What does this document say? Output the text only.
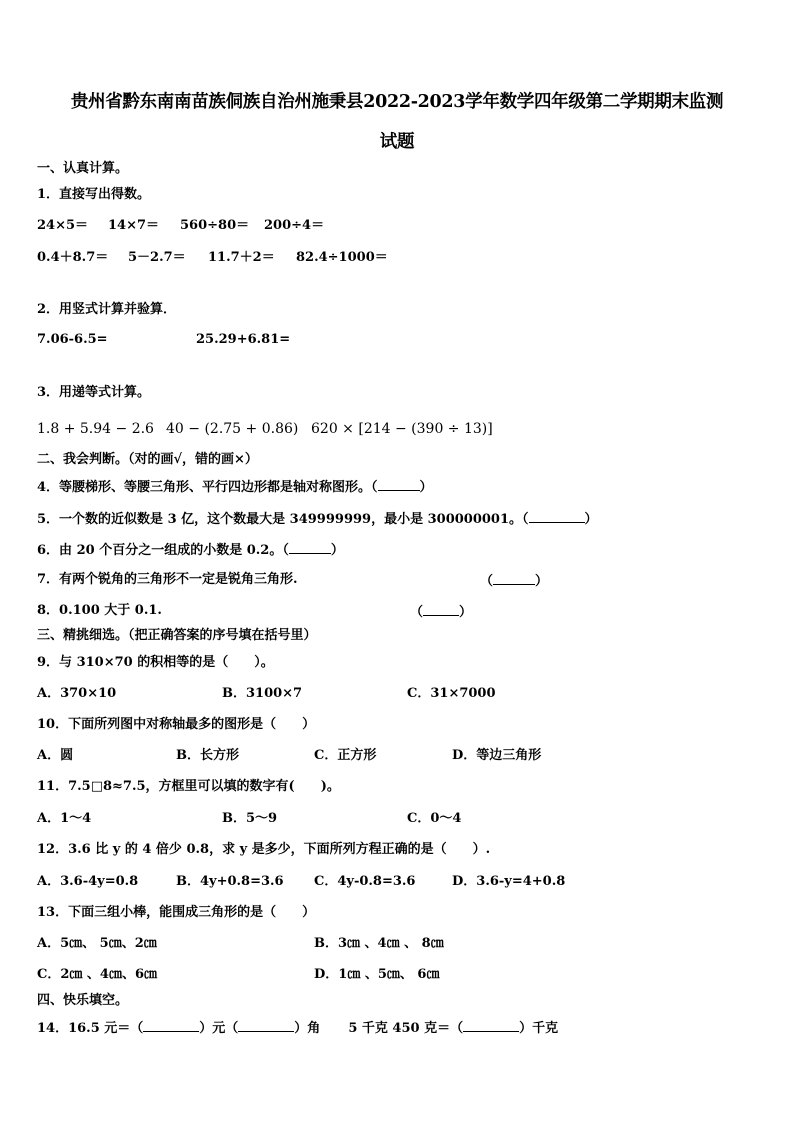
贵州省黔东南南苗族侗族自治州施秉县2022-2023学年数学四年级第二学期期末监测
试题
一、认真计算。
1．直接写出得数。
24×5＝ 14×7＝ 560÷80＝ 200÷4＝
0.4＋8.7＝ 5－2.7＝ 11.7＋2＝ 82.4÷1000＝
2．用竖式计算并验算．
7.06-6.5=	25.29+6.81=
3．用递等式计算。
1.8 + 5.94 − 2.6 40 − (2.75 + 0.86) 620 × [214 − (390 ÷ 13)]
二、我会判断。（对的画√，错的画×）
4．等腰梯形、等腰三角形、平行四边形都是轴对称图形。（	）
5．一个数的近似数是 3 亿，这个数最大是 349999999，最小是 300000001。（	）
6．由 20 个百分之一组成的小数是 0.2。（	）
7．有两个锐角的三角形不一定是锐角三角形.	（	）
8．0.100 大于 0.1.	（	）
三、精挑细选。（把正确答案的序号填在括号里）
9．与 310×70 的积相等的是（　　）。
A．370×10	B．3100×7	C．31×7000
10．下面所列图中对称轴最多的图形是（　　）
A．圆	B．长方形	C．正方形	D．等边三角形
11．7.5□8≈7.5，方框里可以填的数字有(　　)。
A．1～4	B．5～9	C．0～4
12．3.6 比 y 的 4 倍少 0.8，求 y 是多少，下面所列方程正确的是（　　）.
A．3.6-4y=0.8	B．4y+0.8=3.6 C．4y-0.8=3.6	D．3.6-y=4+0.8
13．下面三组小棒，能围成三角形的是（　　）
A．5㎝、 5㎝、2㎝	B．3㎝ 、4㎝ 、 8㎝
C．2㎝ 、4㎝、6㎝	D．1㎝ 、5㎝、 6㎝
四、快乐填空。
14．16.5 元＝（	）元（	）角 5 千克 450 克＝（	）千克
